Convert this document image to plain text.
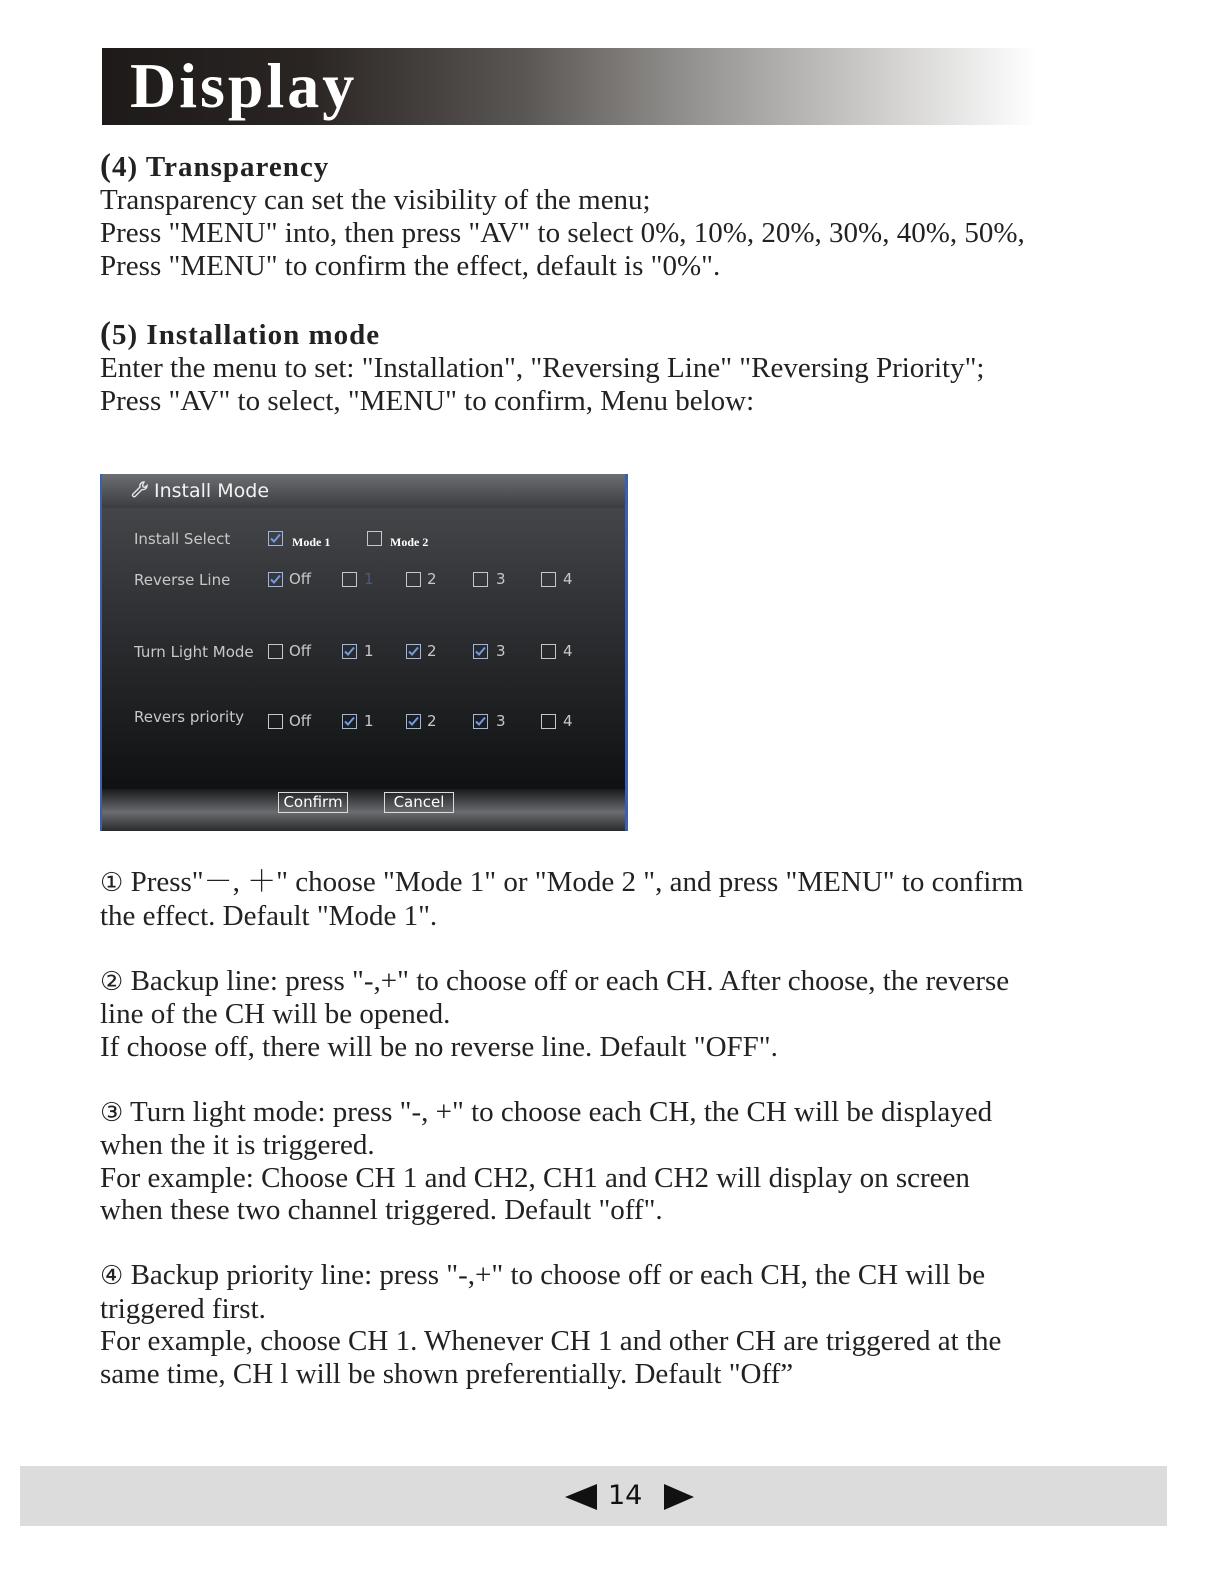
Display
(4) Transparency
Transparency can set the visibility of the menu;
Press "MENU" into, then press "AV" to select 0%, 10%, 20%, 30%, 40%, 50%,
Press "MENU" to confirm the effect, default is "0%".
(5) Installation mode
Enter the menu to set: "Installation", "Reversing Line" "Reversing Priority";
Press "AV" to select, "MENU" to confirm, Menu below:
Install Mode
Install Select	Mode 1	Mode 2
Reverse Line	Off	1	2	3	4
Turn Light Mode Off	1	2	3	4
Revers priority	Off	1	2	3	4
Confirm	Cancel
① Press"－, ＋" choose "Mode 1" or "Mode 2 ", and press "MENU" to confirm
the effect. Default "Mode 1".
② Backup line: press "-,+" to choose off or each CH. After choose, the reverse
line of the CH will be opened.
If choose off, there will be no reverse line. Default "OFF".
③ Turn light mode: press "-, +" to choose each CH, the CH will be displayed
when the it is triggered.
For example: Choose CH 1 and CH2, CH1 and CH2 will display on screen
when these two channel triggered. Default "off".
④ Backup priority line: press "-,+" to choose off or each CH, the CH will be
triggered first.
For example, choose CH 1. Whenever CH 1 and other CH are triggered at the
same time, CH l will be shown preferentially. Default "Off”
14
